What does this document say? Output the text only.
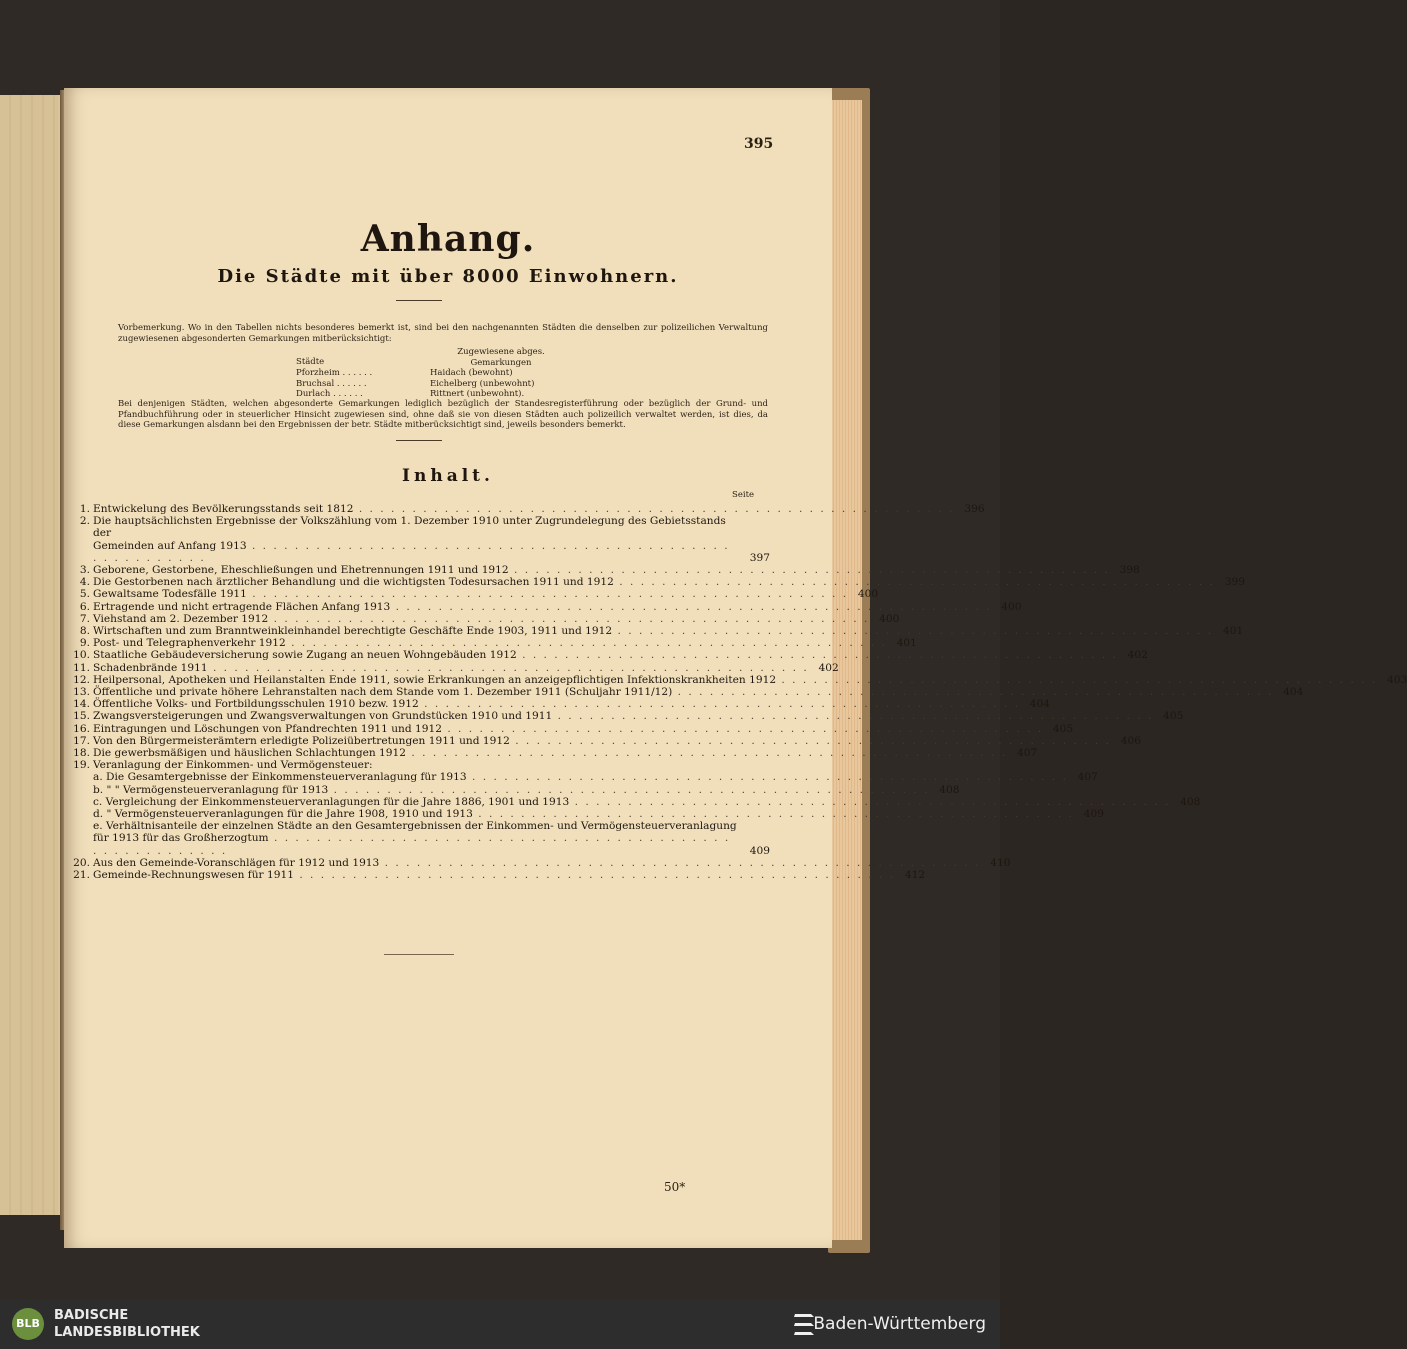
395
Anhang.
Die Städte mit über 8000 Einwohnern.
Vorbemerkung. Wo in den Tabellen nichts besonderes bemerkt ist, sind bei den nachgenannten Städten die denselben zur polizeilichen Verwaltung zugewiesenen abgesonderten Gemarkungen mitberücksichtigt:
Städte
Zugewiesene abges. Gemarkungen
Pforzheim . . . . . .	Haidach (bewohnt)
Bruchsal . . . . . .	Eichelberg (unbewohnt)
Durlach . . . . . .	Rittnert (unbewohnt).
Bei denjenigen Städten, welchen abgesonderte Gemarkungen lediglich bezüglich der Standesregisterführung oder bezüglich der Grund- und Pfandbuchführung oder in steuerlicher Hinsicht zugewiesen sind, ohne daß sie von diesen Städten auch polizeilich verwaltet werden, ist dies, da diese Gemarkungen alsdann bei den Ergebnissen der betr. Städte mitberücksichtigt sind, jeweils besonders bemerkt.
Inhalt.
Seite
1. Entwickelung des Bevölkerungsstands seit 1812 . . . . . . . . . . . . . . . . . . . . . . . . . . . . . . . . . . . . . . . . . . . . . . . . . . . . . . . . 396
2. Die hauptsächlichsten Ergebnisse der Volkszählung vom 1. Dezember 1910 unter Zugrundelegung des Gebietsstands der
Gemeinden auf Anfang 1913 . . . . . . . . . . . . . . . . . . . . . . . . . . . . . . . . . . . . . . . . . . . . . . . . . . . . . . . .	397
3. Geborene, Gestorbene, Eheschließungen und Ehetrennungen 1911 und 1912 . . . . . . . . . . . . . . . . . . . . . . . . . . . . . . . . . . . . . . . . . . . . . . . . . . . . . . . . 398
4. Die Gestorbenen nach ärztlicher Behandlung und die wichtigsten Todesursachen 1911 und 1912 . . . . . . . . . . . . . . . . . . . . . . . . . . . . . . . . . . . . . . . . . . . . . . . . . . . . . . . . 399
5. Gewaltsame Todesfälle 1911 . . . . . . . . . . . . . . . . . . . . . . . . . . . . . . . . . . . . . . . . . . . . . . . . . . . . . . . . 400
6. Ertragende und nicht ertragende Flächen Anfang 1913 . . . . . . . . . . . . . . . . . . . . . . . . . . . . . . . . . . . . . . . . . . . . . . . . . . . . . . . . 400
7. Viehstand am 2. Dezember 1912 . . . . . . . . . . . . . . . . . . . . . . . . . . . . . . . . . . . . . . . . . . . . . . . . . . . . . . . . 400
8. Wirtschaften und zum Branntweinkleinhandel berechtigte Geschäfte Ende 1903, 1911 und 1912 . . . . . . . . . . . . . . . . . . . . . . . . . . . . . . . . . . . . . . . . . . . . . . . . . . . . . . . . 401
9. Post- und Telegraphenverkehr 1912 . . . . . . . . . . . . . . . . . . . . . . . . . . . . . . . . . . . . . . . . . . . . . . . . . . . . . . . . 401
10. Staatliche Gebäudeversicherung sowie Zugang an neuen Wohngebäuden 1912 . . . . . . . . . . . . . . . . . . . . . . . . . . . . . . . . . . . . . . . . . . . . . . . . . . . . . . . . 402
11. Schadenbrände 1911 . . . . . . . . . . . . . . . . . . . . . . . . . . . . . . . . . . . . . . . . . . . . . . . . . . . . . . . . 402
12. Heilpersonal, Apotheken und Heilanstalten Ende 1911, sowie Erkrankungen an anzeigepflichtigen Infektionskrankheiten 1912 . . . . . . . . . . . . . . . . . . . . . . . . . . . . . . . . . . . . . . . . . . . . . . . . . . . . . . . . 403
13. Öffentliche und private höhere Lehranstalten nach dem Stande vom 1. Dezember 1911 (Schuljahr 1911/12) . . . . . . . . . . . . . . . . . . . . . . . . . . . . . . . . . . . . . . . . . . . . . . . . . . . . . . . . 404
14. Öffentliche Volks- und Fortbildungsschulen 1910 bezw. 1912 . . . . . . . . . . . . . . . . . . . . . . . . . . . . . . . . . . . . . . . . . . . . . . . . . . . . . . . . 404
15. Zwangsversteigerungen und Zwangsverwaltungen von Grundstücken 1910 und 1911 . . . . . . . . . . . . . . . . . . . . . . . . . . . . . . . . . . . . . . . . . . . . . . . . . . . . . . . . 405
16. Eintragungen und Löschungen von Pfandrechten 1911 und 1912 . . . . . . . . . . . . . . . . . . . . . . . . . . . . . . . . . . . . . . . . . . . . . . . . . . . . . . . . 405
17. Von den Bürgermeisterämtern erledigte Polizeiübertretungen 1911 und 1912 . . . . . . . . . . . . . . . . . . . . . . . . . . . . . . . . . . . . . . . . . . . . . . . . . . . . . . . . 406
18. Die gewerbsmäßigen und häuslichen Schlachtungen 1912 . . . . . . . . . . . . . . . . . . . . . . . . . . . . . . . . . . . . . . . . . . . . . . . . . . . . . . . . 407
19. Veranlagung der Einkommen- und Vermögensteuer:
a. Die Gesamtergebnisse der Einkommensteuerveranlagung für 1913 . . . . . . . . . . . . . . . . . . . . . . . . . . . . . . . . . . . . . . . . . . . . . . . . . . . . . . . . 407
b. " " Vermögensteuerveranlagung für 1913 . . . . . . . . . . . . . . . . . . . . . . . . . . . . . . . . . . . . . . . . . . . . . . . . . . . . . . . . 408
c. Vergleichung der Einkommensteuerveranlagungen für die Jahre 1886, 1901 und 1913 . . . . . . . . . . . . . . . . . . . . . . . . . . . . . . . . . . . . . . . . . . . . . . . . . . . . . . . . 408
d. " Vermögensteuerveranlagungen für die Jahre 1908, 1910 und 1913 . . . . . . . . . . . . . . . . . . . . . . . . . . . . . . . . . . . . . . . . . . . . . . . . . . . . . . . . 409
e. Verhältnisanteile der einzelnen Städte an den Gesamtergebnissen der Einkommen- und Vermögensteuerveranlagung
für 1913 für das Großherzogtum . . . . . . . . . . . . . . . . . . . . . . . . . . . . . . . . . . . . . . . . . . . . . . . . . . . . . . . .	409
20. Aus den Gemeinde-Voranschlägen für 1912 und 1913 . . . . . . . . . . . . . . . . . . . . . . . . . . . . . . . . . . . . . . . . . . . . . . . . . . . . . . . . 410
21. Gemeinde-Rechnungswesen für 1911 . . . . . . . . . . . . . . . . . . . . . . . . . . . . . . . . . . . . . . . . . . . . . . . . . . . . . . . . 412
50*
BLB
BADISCHE
LANDESBIBLIOTHEK	Baden-Württemberg
